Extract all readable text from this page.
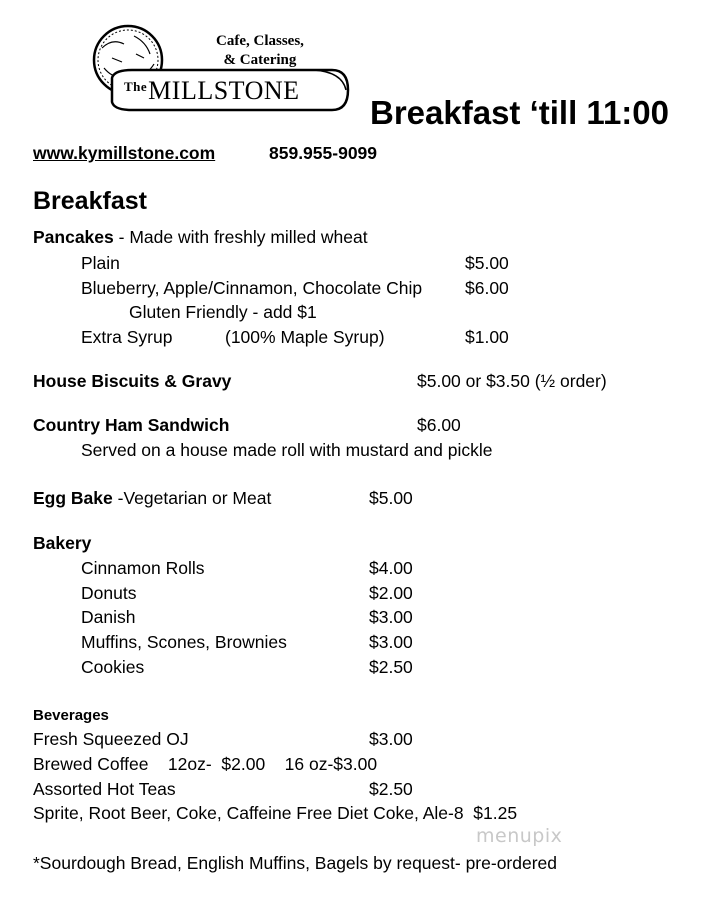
Cafe, Classes,
& Catering
$^{The}$MILLSTONE
Breakfast ‘till 11:00
www.kymillstone.com	859.955-9099
Breakfast
Pancakes - Made with freshly milled wheat
Plain	$5.00
Blueberry, Apple/Cinnamon, Chocolate Chip $6.00
Gluten Friendly - add $1
Extra Syrup	(100% Maple Syrup)	$1.00
House Biscuits & Gravy	$5.00 or $3.50 (½ order)
Country Ham Sandwich	$6.00
Served on a house made roll with mustard and pickle
Egg Bake -Vegetarian or Meat	$5.00
Bakery
Cinnamon Rolls	$4.00
Donuts	$2.00
Danish	$3.00
Muffins, Scones, Brownies	$3.00
Cookies	$2.50
Beverages
Fresh Squeezed OJ	$3.00
Brewed Coffee    12oz-  $2.00    16 oz-$3.00
Assorted Hot Teas	$2.50
Sprite, Root Beer, Coke, Caffeine Free Diet Coke, Ale-8  $1.25
*Sourdough Bread, English Muffins, Bagels by request- pre-ordered
menupix
